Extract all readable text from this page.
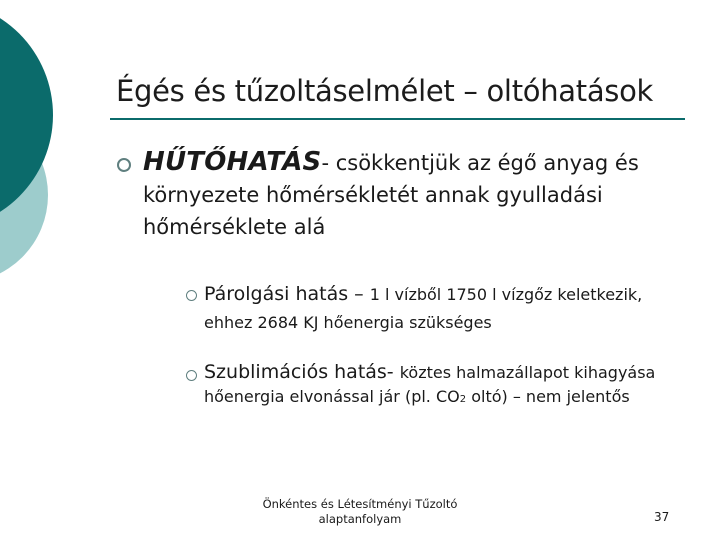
Égés és tűzoltáselmélet – oltóhatások
HŰTŐHATÁS- csökkentjük az égő anyag és környezete hőmérsékletét annak gyulladási hőmérséklete alá
Párolgási hatás – 1 l vízből 1750 l vízgőz keletkezik, ehhez 2684 KJ hőenergia szükséges
Szublimációs hatás- köztes halmazállapot kihagyása hőenergia elvonással jár (pl. CO2 oltó) – nem jelentős
Önkéntes és Létesítményi Tűzoltó
alaptanfolyam	37
